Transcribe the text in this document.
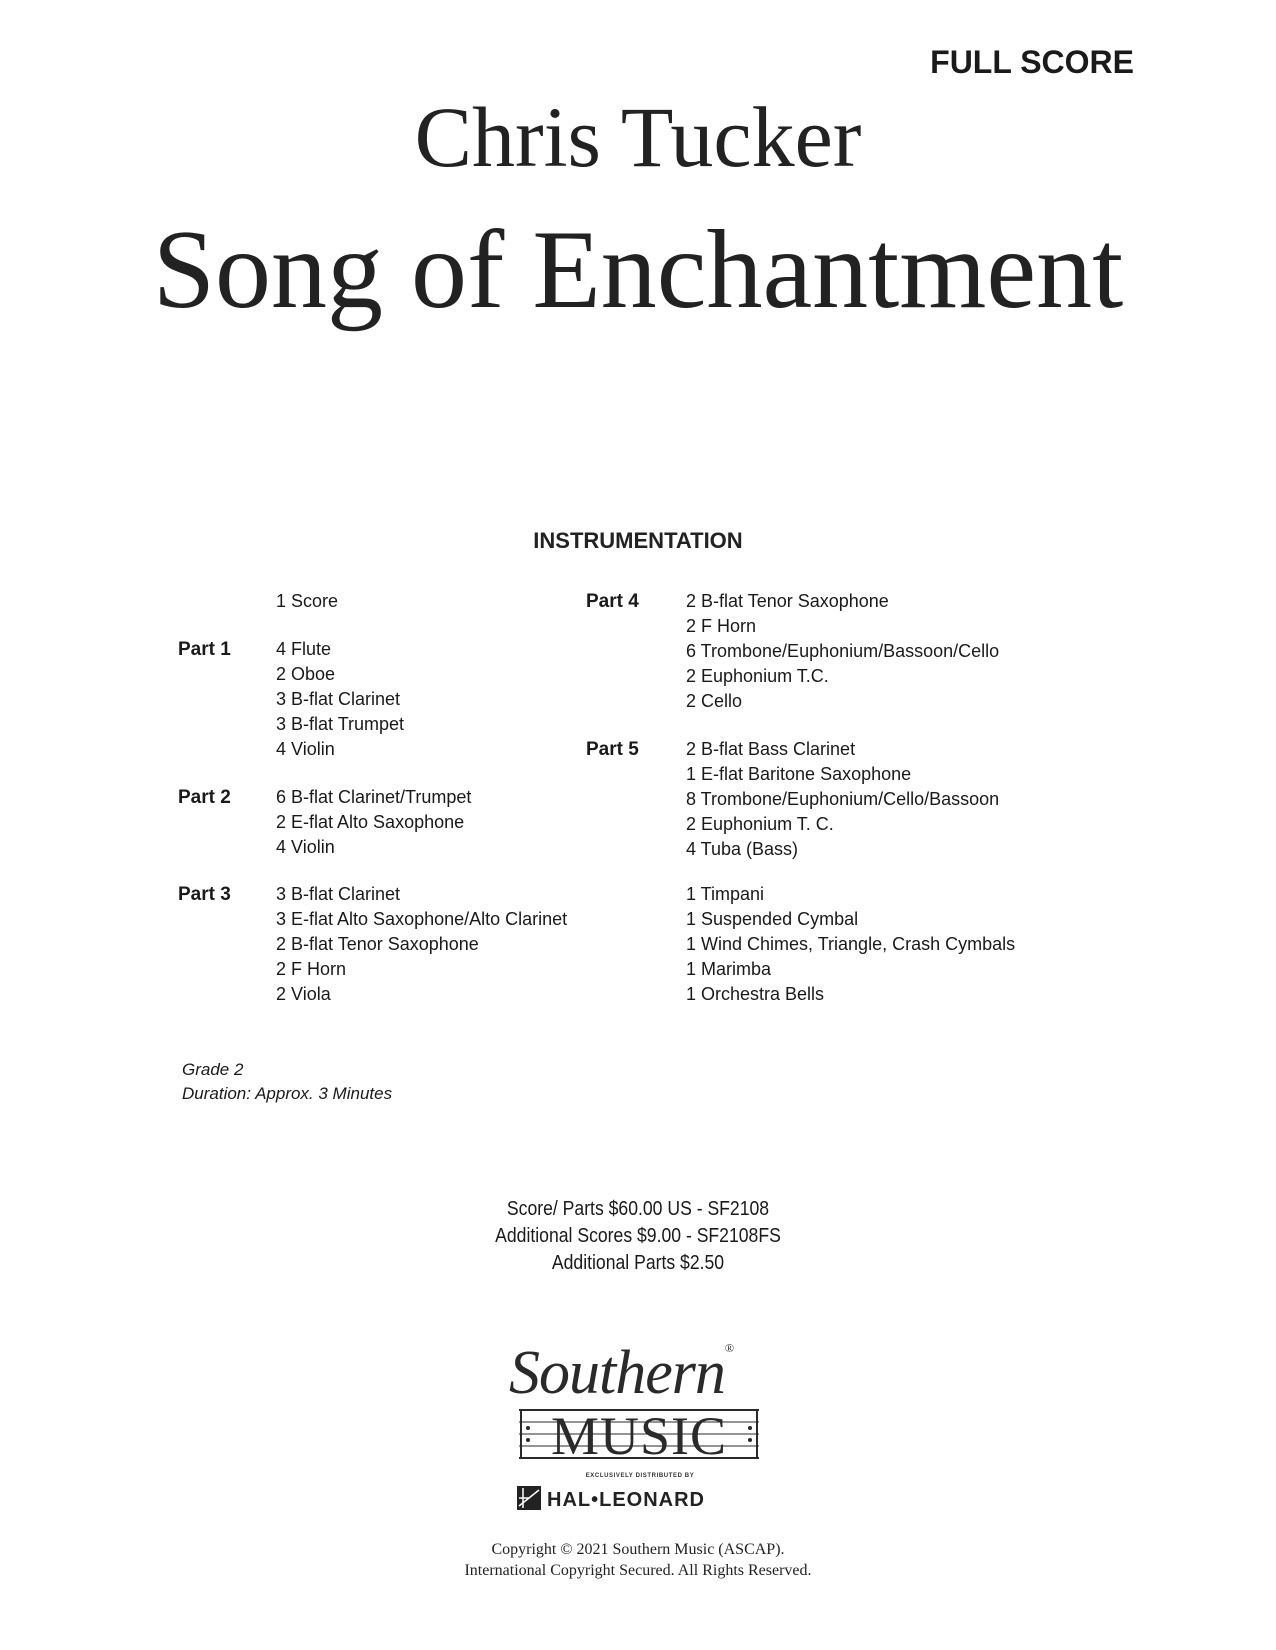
FULL SCORE
Chris Tucker
Song of Enchantment
INSTRUMENTATION
1 Score
Part 1	4 Flute
2 Oboe
3 B-flat Clarinet
3 B-flat Trumpet
4 Violin
Part 2	6 B-flat Clarinet/Trumpet
2 E-flat Alto Saxophone
4 Violin
Part 3	3 B-flat Clarinet
3 E-flat Alto Saxophone/Alto Clarinet
2 B-flat Tenor Saxophone
2 F Horn
2 Viola
Part 4	2 B-flat Tenor Saxophone
2 F Horn
6 Trombone/Euphonium/Bassoon/Cello
2 Euphonium T.C.
2 Cello
Part 5	2 B-flat Bass Clarinet
1 E-flat Baritone Saxophone
8 Trombone/Euphonium/Cello/Bassoon
2 Euphonium T. C.
4 Tuba (Bass)
1 Timpani
1 Suspended Cymbal
1 Wind Chimes, Triangle, Crash Cymbals
1 Marimba
1 Orchestra Bells
Grade 2
Duration: Approx. 3 Minutes
Score/ Parts $60.00 US - SF2108
Additional Scores $9.00 - SF2108FS
Additional Parts $2.50
Southern®
MUSIC
EXCLUSIVELY DISTRIBUTED BY
HAL•LEONARD
Copyright © 2021 Southern Music (ASCAP).
International Copyright Secured. All Rights Reserved.
